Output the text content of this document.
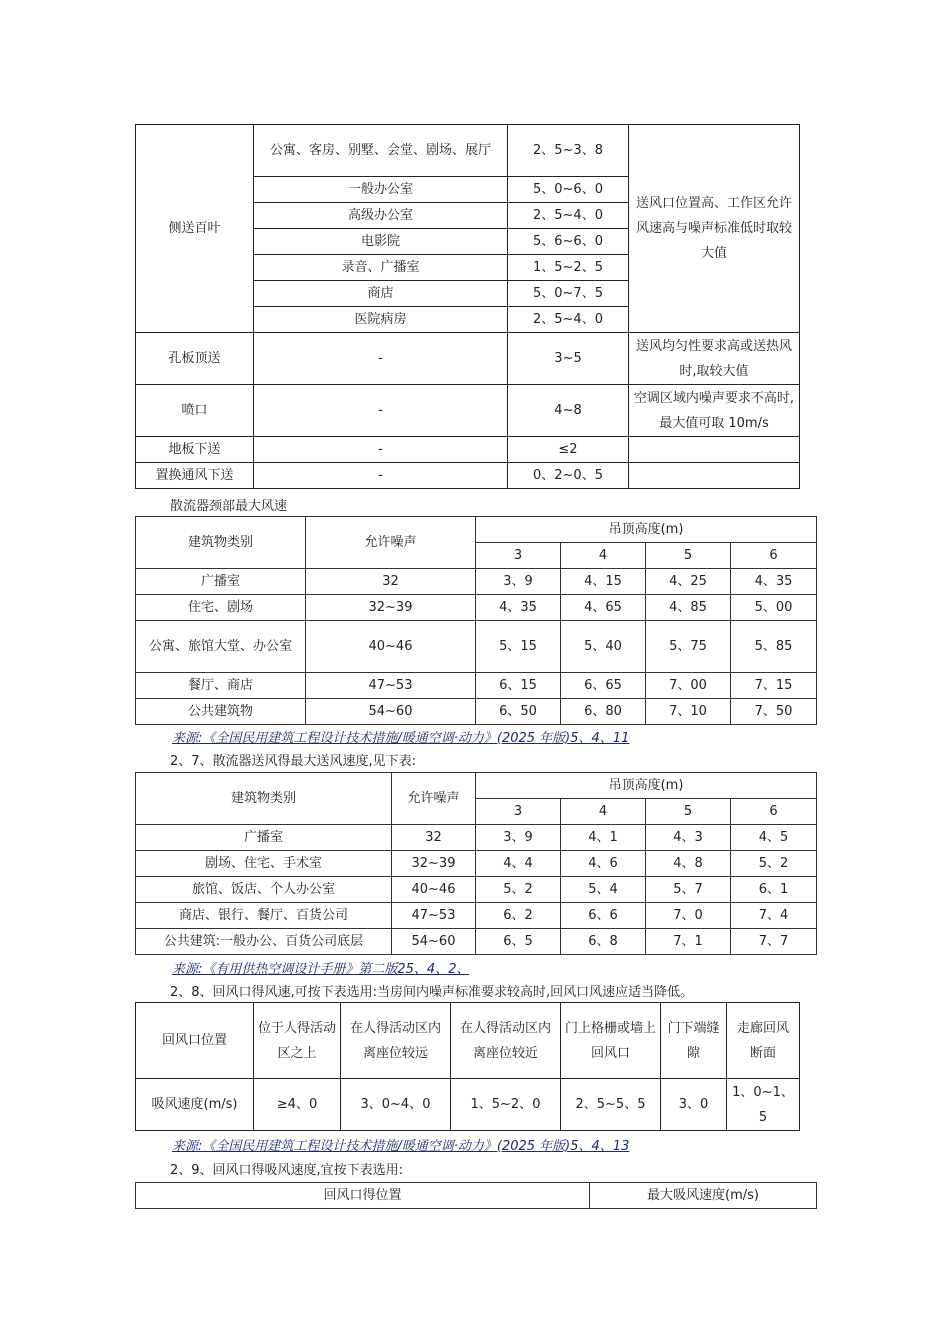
侧送百叶	公寓、客房、别墅、会堂、剧场、展厅	2、5~3、8	送风口位置高、工作区允许风速高与噪声标准低时取较大值
	一般办公室	5、0~6、0	
	高级办公室	2、5~4、0	
	电影院	5、6~6、0	
	录音、广播室	1、5~2、5	
	商店	5、0~7、5	
	医院病房	2、5~4、0	
孔板顶送	-	3~5	送风均匀性要求高或送热风时,取较大值
喷口	-	4~8	空调区域内噪声要求不高时,最大值可取 10m/s
地板下送	-	≤2	
置换通风下送	-	0、2~0、5	
散流器颈部最大风速
建筑物类别	允许噪声	吊顶高度(m)			
		3	4	5	6
广播室	32	3、9	4、15	4、25	4、35
住宅、剧场	32~39	4、35	4、65	4、85	5、00
公寓、旅馆大堂、办公室	40~46	5、15	5、40	5、75	5、85
餐厅、商店	47~53	6、15	6、65	7、00	7、15
公共建筑物	54~60	6、50	6、80	7、10	7、50
来源:《全国民用建筑工程设计技术措施/暖通空调·动力》(2025 年版)5、4、11
2、7、散流器送风得最大送风速度,见下表:
建筑物类别	允许噪声	吊顶高度(m)			
		3	4	5	6
广播室	32	3、9	4、1	4、3	4、5
剧场、住宅、手术室	32~39	4、4	4、6	4、8	5、2
旅馆、饭店、个人办公室	40~46	5、2	5、4	5、7	6、1
商店、银行、餐厅、百货公司	47~53	6、2	6、6	7、0	7、4
公共建筑:一般办公、百货公司底层	54~60	6、5	6、8	7、1	7、7
来源:《有用供热空调设计手册》第二版25、4、2、
2、8、回风口得风速,可按下表选用:当房间内噪声标准要求较高时,回风口风速应适当降低。
回风口位置	位于人得活动区之上	在人得活动区内离座位较远	在人得活动区内离座位较近	门上格栅或墙上回风口	门下端缝隙	走廊回风断面
吸风速度(m/s)	≥4、0	3、0~4、0	1、5~2、0	2、5~5、5	3、0	1、0~1、5
来源:《全国民用建筑工程设计技术措施/暖通空调·动力》(2025 年版)5、4、13
2、9、回风口得吸风速度,宜按下表选用:
回风口得位置	最大吸风速度(m/s)
